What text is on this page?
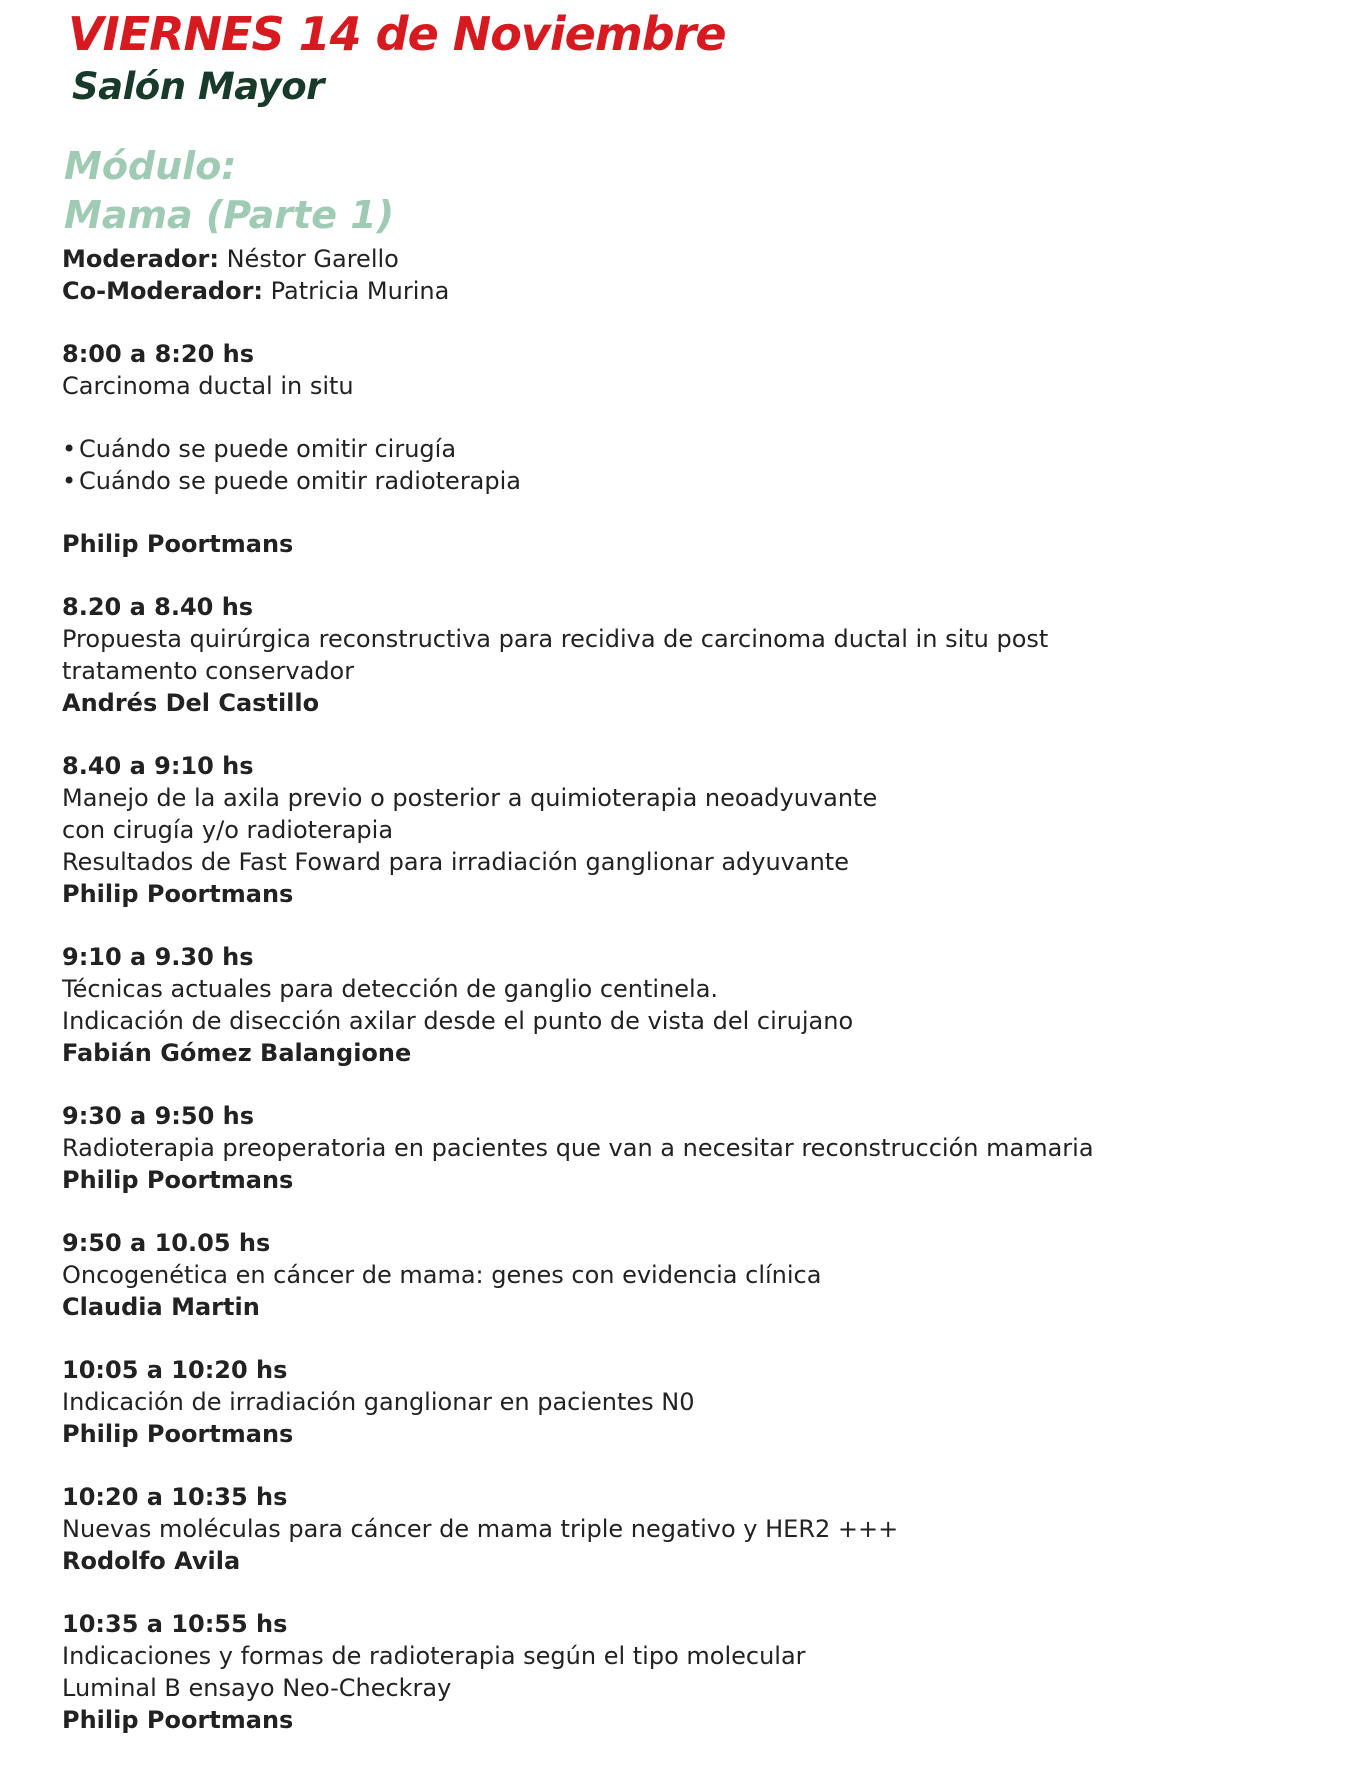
VIERNES 14 de Noviembre
Salón Mayor
Módulo:
Mama (Parte 1)
Moderador: Néstor Garello
Co-Moderador: Patricia Murina
8:00 a 8:20 hs
Carcinoma ductal in situ
• Cuándo se puede omitir cirugía
• Cuándo se puede omitir radioterapia
Philip Poortmans
8.20 a 8.40 hs
Propuesta quirúrgica reconstructiva para recidiva de carcinoma ductal in situ post
tratamento conservador
Andrés Del Castillo
8.40 a 9:10 hs
Manejo de la axila previo o posterior a quimioterapia neoadyuvante
con cirugía y/o radioterapia
Resultados de Fast Foward para irradiación ganglionar adyuvante
Philip Poortmans
9:10 a 9.30 hs
Técnicas actuales para detección de ganglio centinela.
Indicación de disección axilar desde el punto de vista del cirujano
Fabián Gómez Balangione
9:30 a 9:50 hs
Radioterapia preoperatoria en pacientes que van a necesitar reconstrucción mamaria
Philip Poortmans
9:50 a 10.05 hs
Oncogenética en cáncer de mama: genes con evidencia clínica
Claudia Martin
10:05 a 10:20 hs
Indicación de irradiación ganglionar en pacientes N0
Philip Poortmans
10:20 a 10:35 hs
Nuevas moléculas para cáncer de mama triple negativo y HER2 +++
Rodolfo Avila
10:35 a 10:55 hs
Indicaciones y formas de radioterapia según el tipo molecular
Luminal B ensayo Neo-Checkray
Philip Poortmans
